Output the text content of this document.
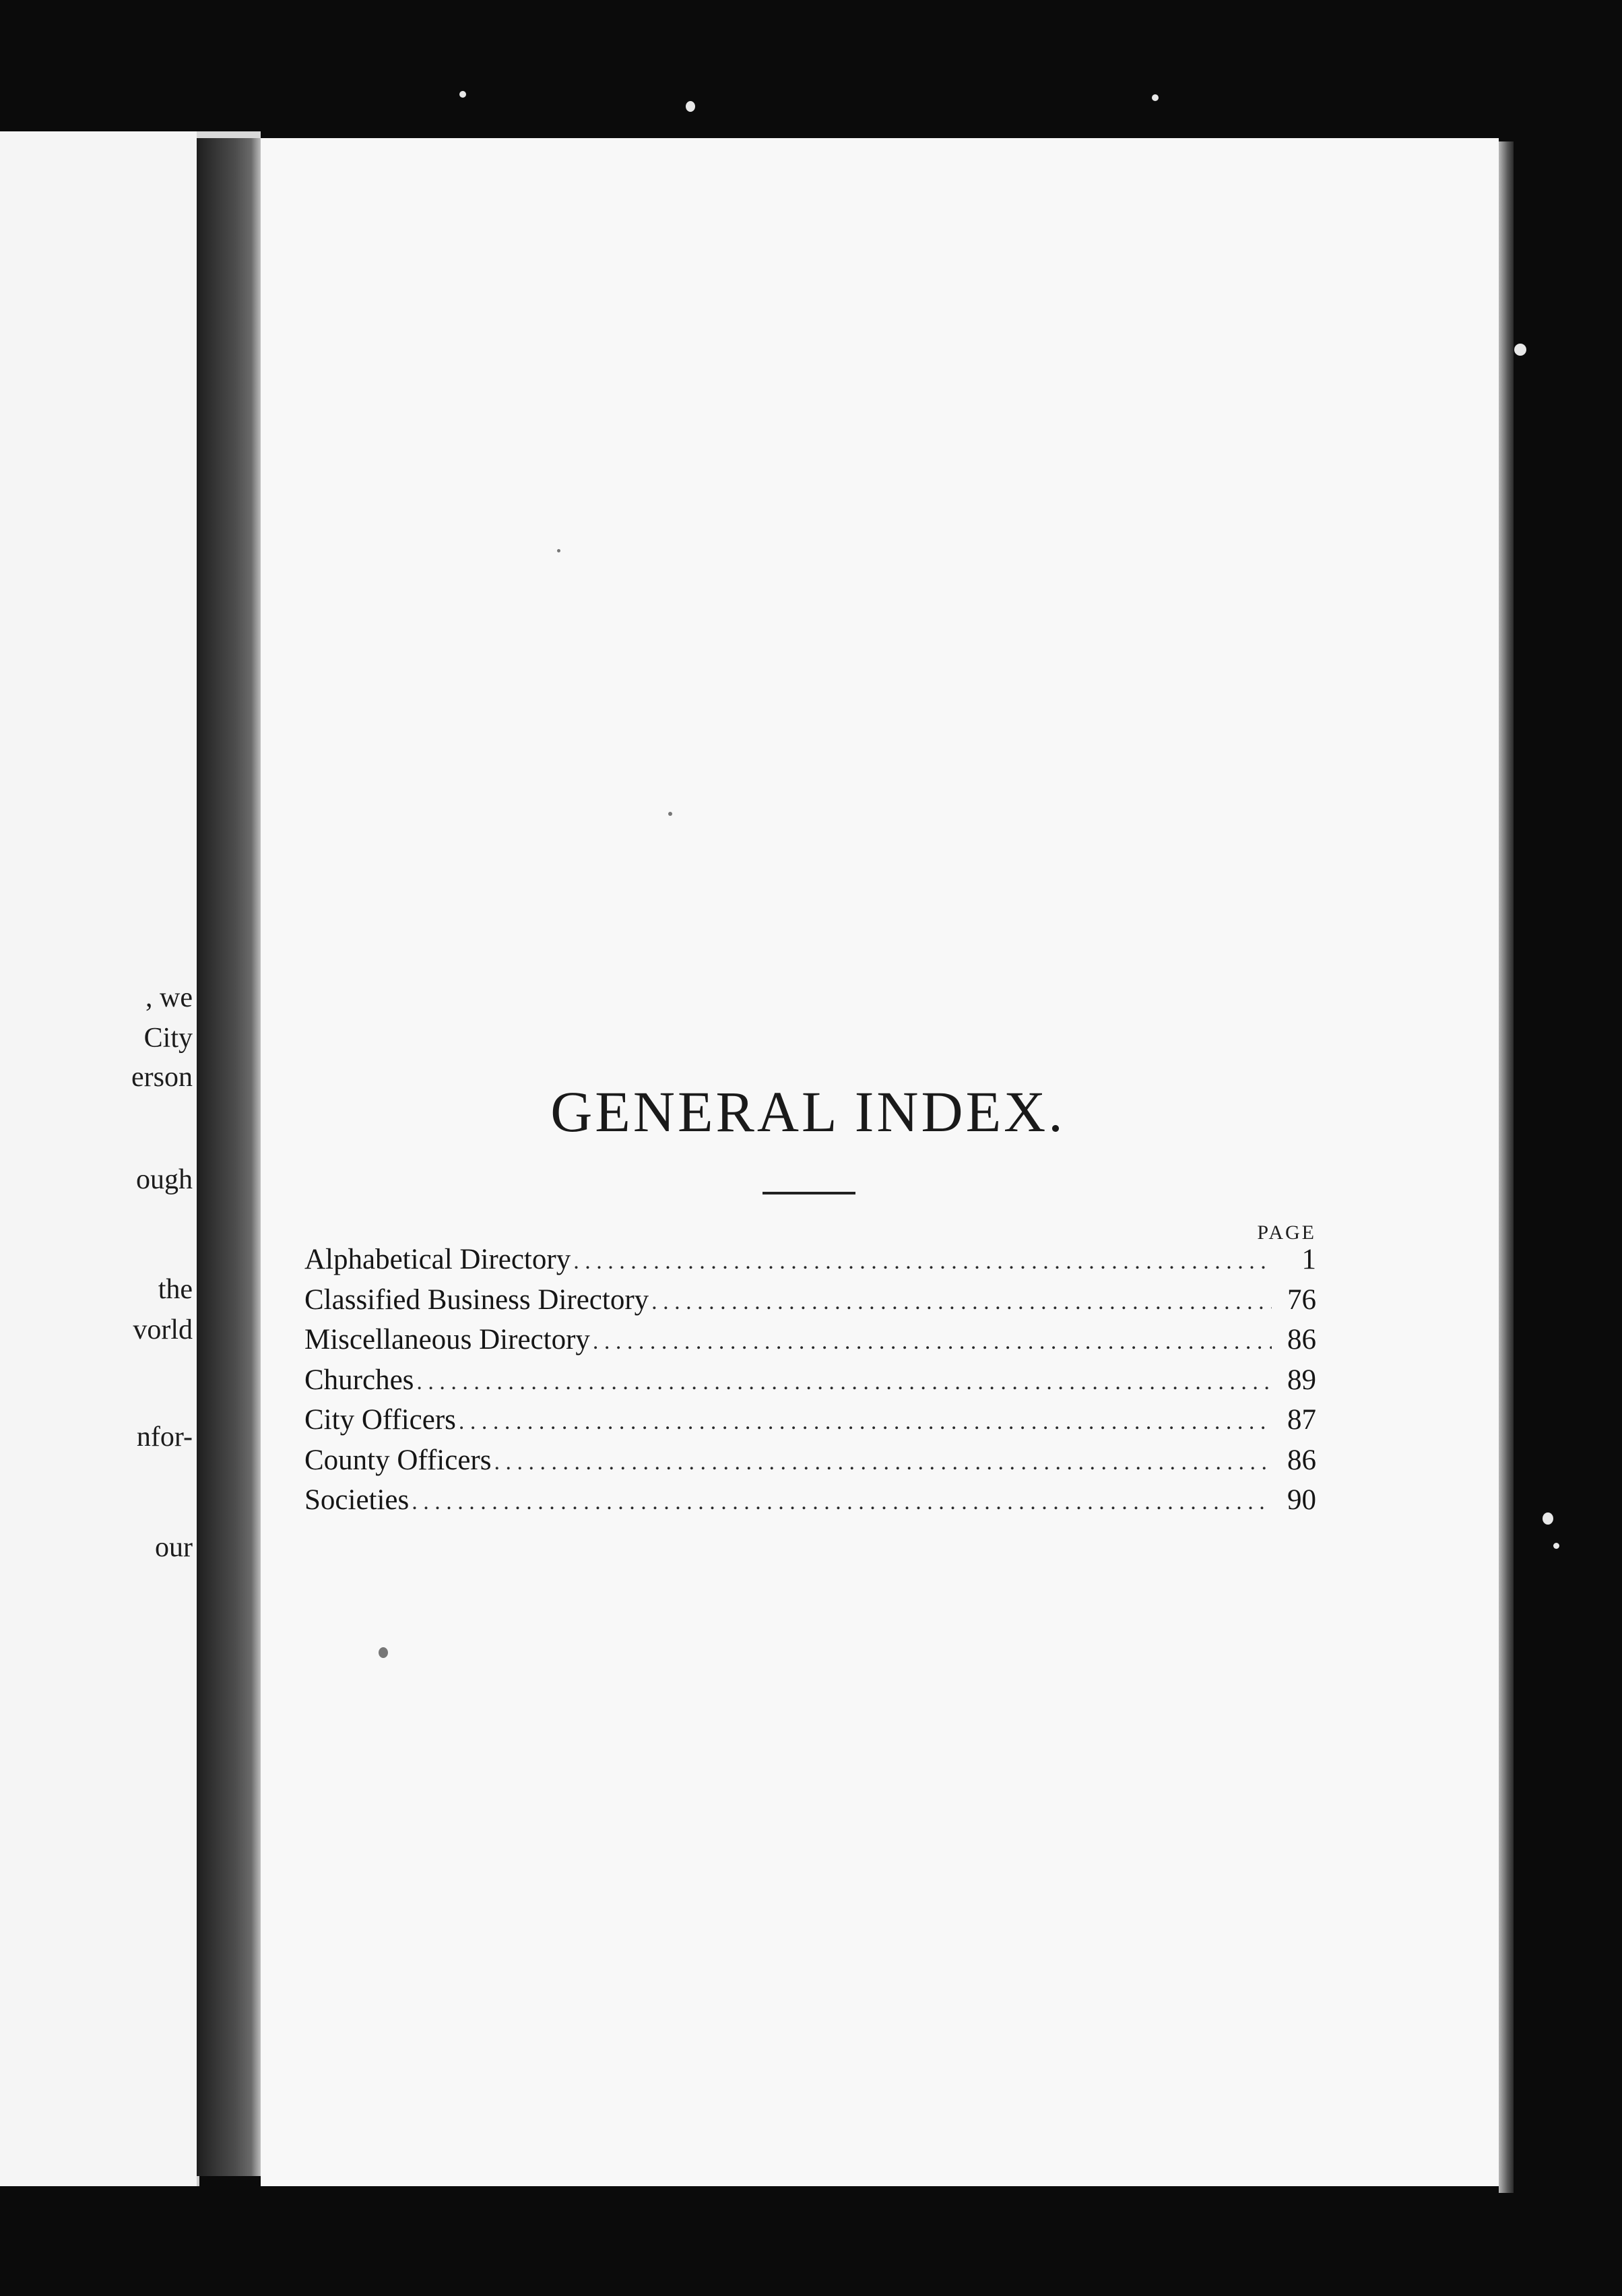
, we

City

erson

ough

the

vorld

nfor-

our

GENERAL INDEX.
PAGE
Alphabetical Directory . . .	1
Classified Business Directory . . .	76
Miscellaneous Directory . . .	86
Churches . . .	89
City Officers . . .	87
County Officers . . .	86
Societies . . .	90
